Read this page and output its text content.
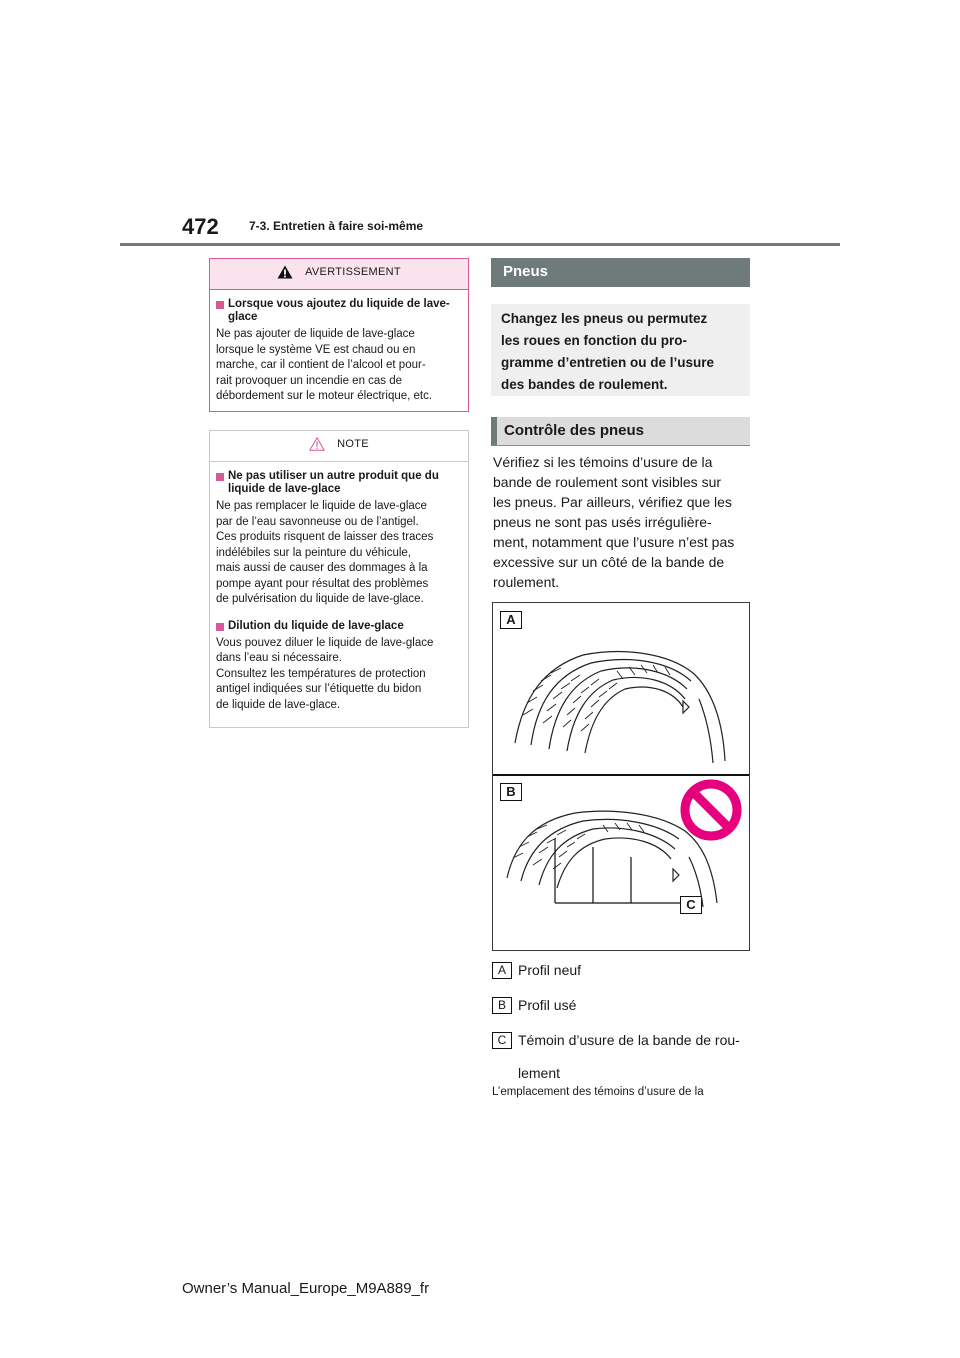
472	7-3. Entretien à faire soi-même
AVERTISSEMENT
Lorsque vous ajoutez du liquide de lave-glace
Ne pas ajouter de liquide de lave-glace
lorsque le système VE est chaud ou en
marche, car il contient de l’alcool et pour-
rait provoquer un incendie en cas de
débordement sur le moteur électrique, etc.
NOTE
Ne pas utiliser un autre produit que du liquide de lave-glace
Ne pas remplacer le liquide de lave-glace
par de l’eau savonneuse ou de l’antigel.
Ces produits risquent de laisser des traces
indélébiles sur la peinture du véhicule,
mais aussi de causer des dommages à la
pompe ayant pour résultat des problèmes
de pulvérisation du liquide de lave-glace.
Dilution du liquide de lave-glace
Vous pouvez diluer le liquide de lave-glace
dans l’eau si nécessaire.
Consultez les températures de protection
antigel indiquées sur l’étiquette du bidon
de liquide de lave-glace.
Pneus
Changez les pneus ou permutez
les roues en fonction du pro-
gramme d’entretien ou de l’usure
des bandes de roulement.
Contrôle des pneus
Vérifiez si les témoins d’usure de la
bande de roulement sont visibles sur
les pneus. Par ailleurs, vérifiez que les
pneus ne sont pas usés irrégulière-
ment, notamment que l’usure n’est pas
excessive sur un côté de la bande de
roulement.
A
B
C
A Profil neuf
B Profil usé
C Témoin d’usure de la bande de rou-
lement
L’emplacement des témoins d’usure de la
Owner’s Manual_Europe_M9A889_fr
